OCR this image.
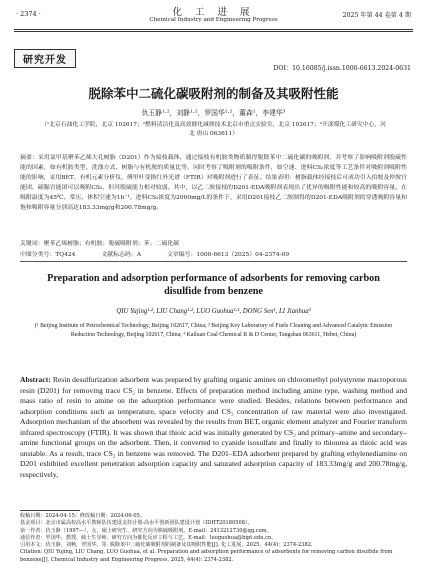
· 2374 ·	化 工 进 展
Chemical Industry and Engineering Progress
2025 年第 44 卷第 4 期
研究开发
DOI：10.16085/j.issn.1000-6613.2024-0631
脱除苯中二硫化碳吸附剂的制备及其吸附性能
仇玉静¹·²，刘静¹·²，罗国华¹·²，董森¹，李建华³
（¹北京石油化工学院，北京 102617；²燃料清洁化及高效催化减排技术北京市重点实验室，北京 102617；³开滦煤化工研究中心，河北 唐山 063611）
摘要：采用氯甲基聚苯乙烯大孔树脂（D201）作为接枝载体，通过接枝有机胺类物质制得脱除苯中二硫化碳的吸附剂，并考察了影响吸附剂脱硫性能的因素，如有机胺类型、洗涤方式、树脂与有机胺的质量比等。同时考察了吸附剂的吸附条件，如空速、进料CS₂浓度等工艺条件对吸附剂吸附性能的影响，采用BET、有机元素分析仪、傅里叶变换红外光谱（FTIR）对吸附剂进行了表征。结果表明：树脂载体经接枝后可成功引入伯胺及仲胺官能团，硫脲官能团可以吸附CS₂，但其脱硫能力相对较弱。其中，以乙二胺接枝的D201-EDA吸附剂表现出了优异的吸附性能和较高的吸附容量。在吸附温度为45℃、常压、体积空速为1h⁻¹、进料CS₂浓度为2000mg/L的条件下，采用D201接枝乙二胺制得的D201-EDA吸附剂的穿透吸附容量和饱和吸附容量分别高达183.33mg/g和200.78mg/g。
关键词：聚苯乙烯树脂；有机胺；脱硫吸附剂；苯；二硫化碳
中图分类号：TQ424	文献标志码：A	文章编号：1000-6613（2025）04-2374-09
Preparation and adsorption performance of adsorbents for removing carbon disulfide from benzene
QIU Yujing¹·², LIU Chang¹·², LUO Guohua¹·², DONG Sen¹, LI Jianhua³
(¹ Beijing Institute of Petrochemical Technology, Beijing 102617, China; ² Beijing Key Laboratory of Fuels Cleaning and Advanced Catalytic Emission Reduction Technology, Beijing 102617, China; ³ Kailuan Coal Chemical R & D Center, Tangshan 063611, Hebei, China)
Abstract: Resin desulfurization adsorbent was prepared by grafting organic amines on chloromethyl polystyrene macroporous resin (D201) for removing trace CS₂ in benzene. Effects of preparation method including amine type, washing method and mass ratio of resin to amine on the adsorption performance were studied. Besides, relations between performance and adsorption conditions such as temperature, space velocity and CS₂ concentration of raw material were also investigated. Adsorption mechanism of the absorbent was revealed by the results from BET, organic element analyzer and Fourier transform infrared spectroscopy (FTIR). It was shown that thioic acid was initially generated by CS₂ and primary–amine and secondary–amine functional groups on the adsorbent. Then, it converted to cyanide isosulfate and finally to thiourea as thioic acid was unstable. As a result, trace CS₂ in benzene was removed. The D201–EDA adsorbent prepared by grafting ethylenediamine on D201 exhibited excellent penetration adsorption capacity and saturated adsorption capacity of 183.33mg/g and 200.78mg/g, respectively,
收稿日期：2024-04-15；修改稿日期：2024-06-05。
基金项目：北京市属高校高水平教师队伍建设支持计划-高水平创新团队建设计划（IDHT20180508）。
第一作者：仇玉静（1997—），女，硕士研究生，研究方向为脱硫吸附剂。E-mail：2413212730@qq.com。
通信作者：罗国华，教授，硕士生导师，研究方向为催化反应工程与工艺。E-mail：luoguohua@bipt.edu.cn。
引用本文：仇玉静，刘畅，罗国华，等. 脱除苯中二硫化碳吸附剂的制备及其吸附性能[J]. 化工进展，2025，44(4)：2374-2382.
Citation: QIU Yujing, LIU Chang, LUO Guohua, et al. Preparation and adsorption performance of adsorbents for removing carbon disulfide from benzene[J]. Chemical Industry and Engineering Progress, 2025, 44(4): 2374-2382.
